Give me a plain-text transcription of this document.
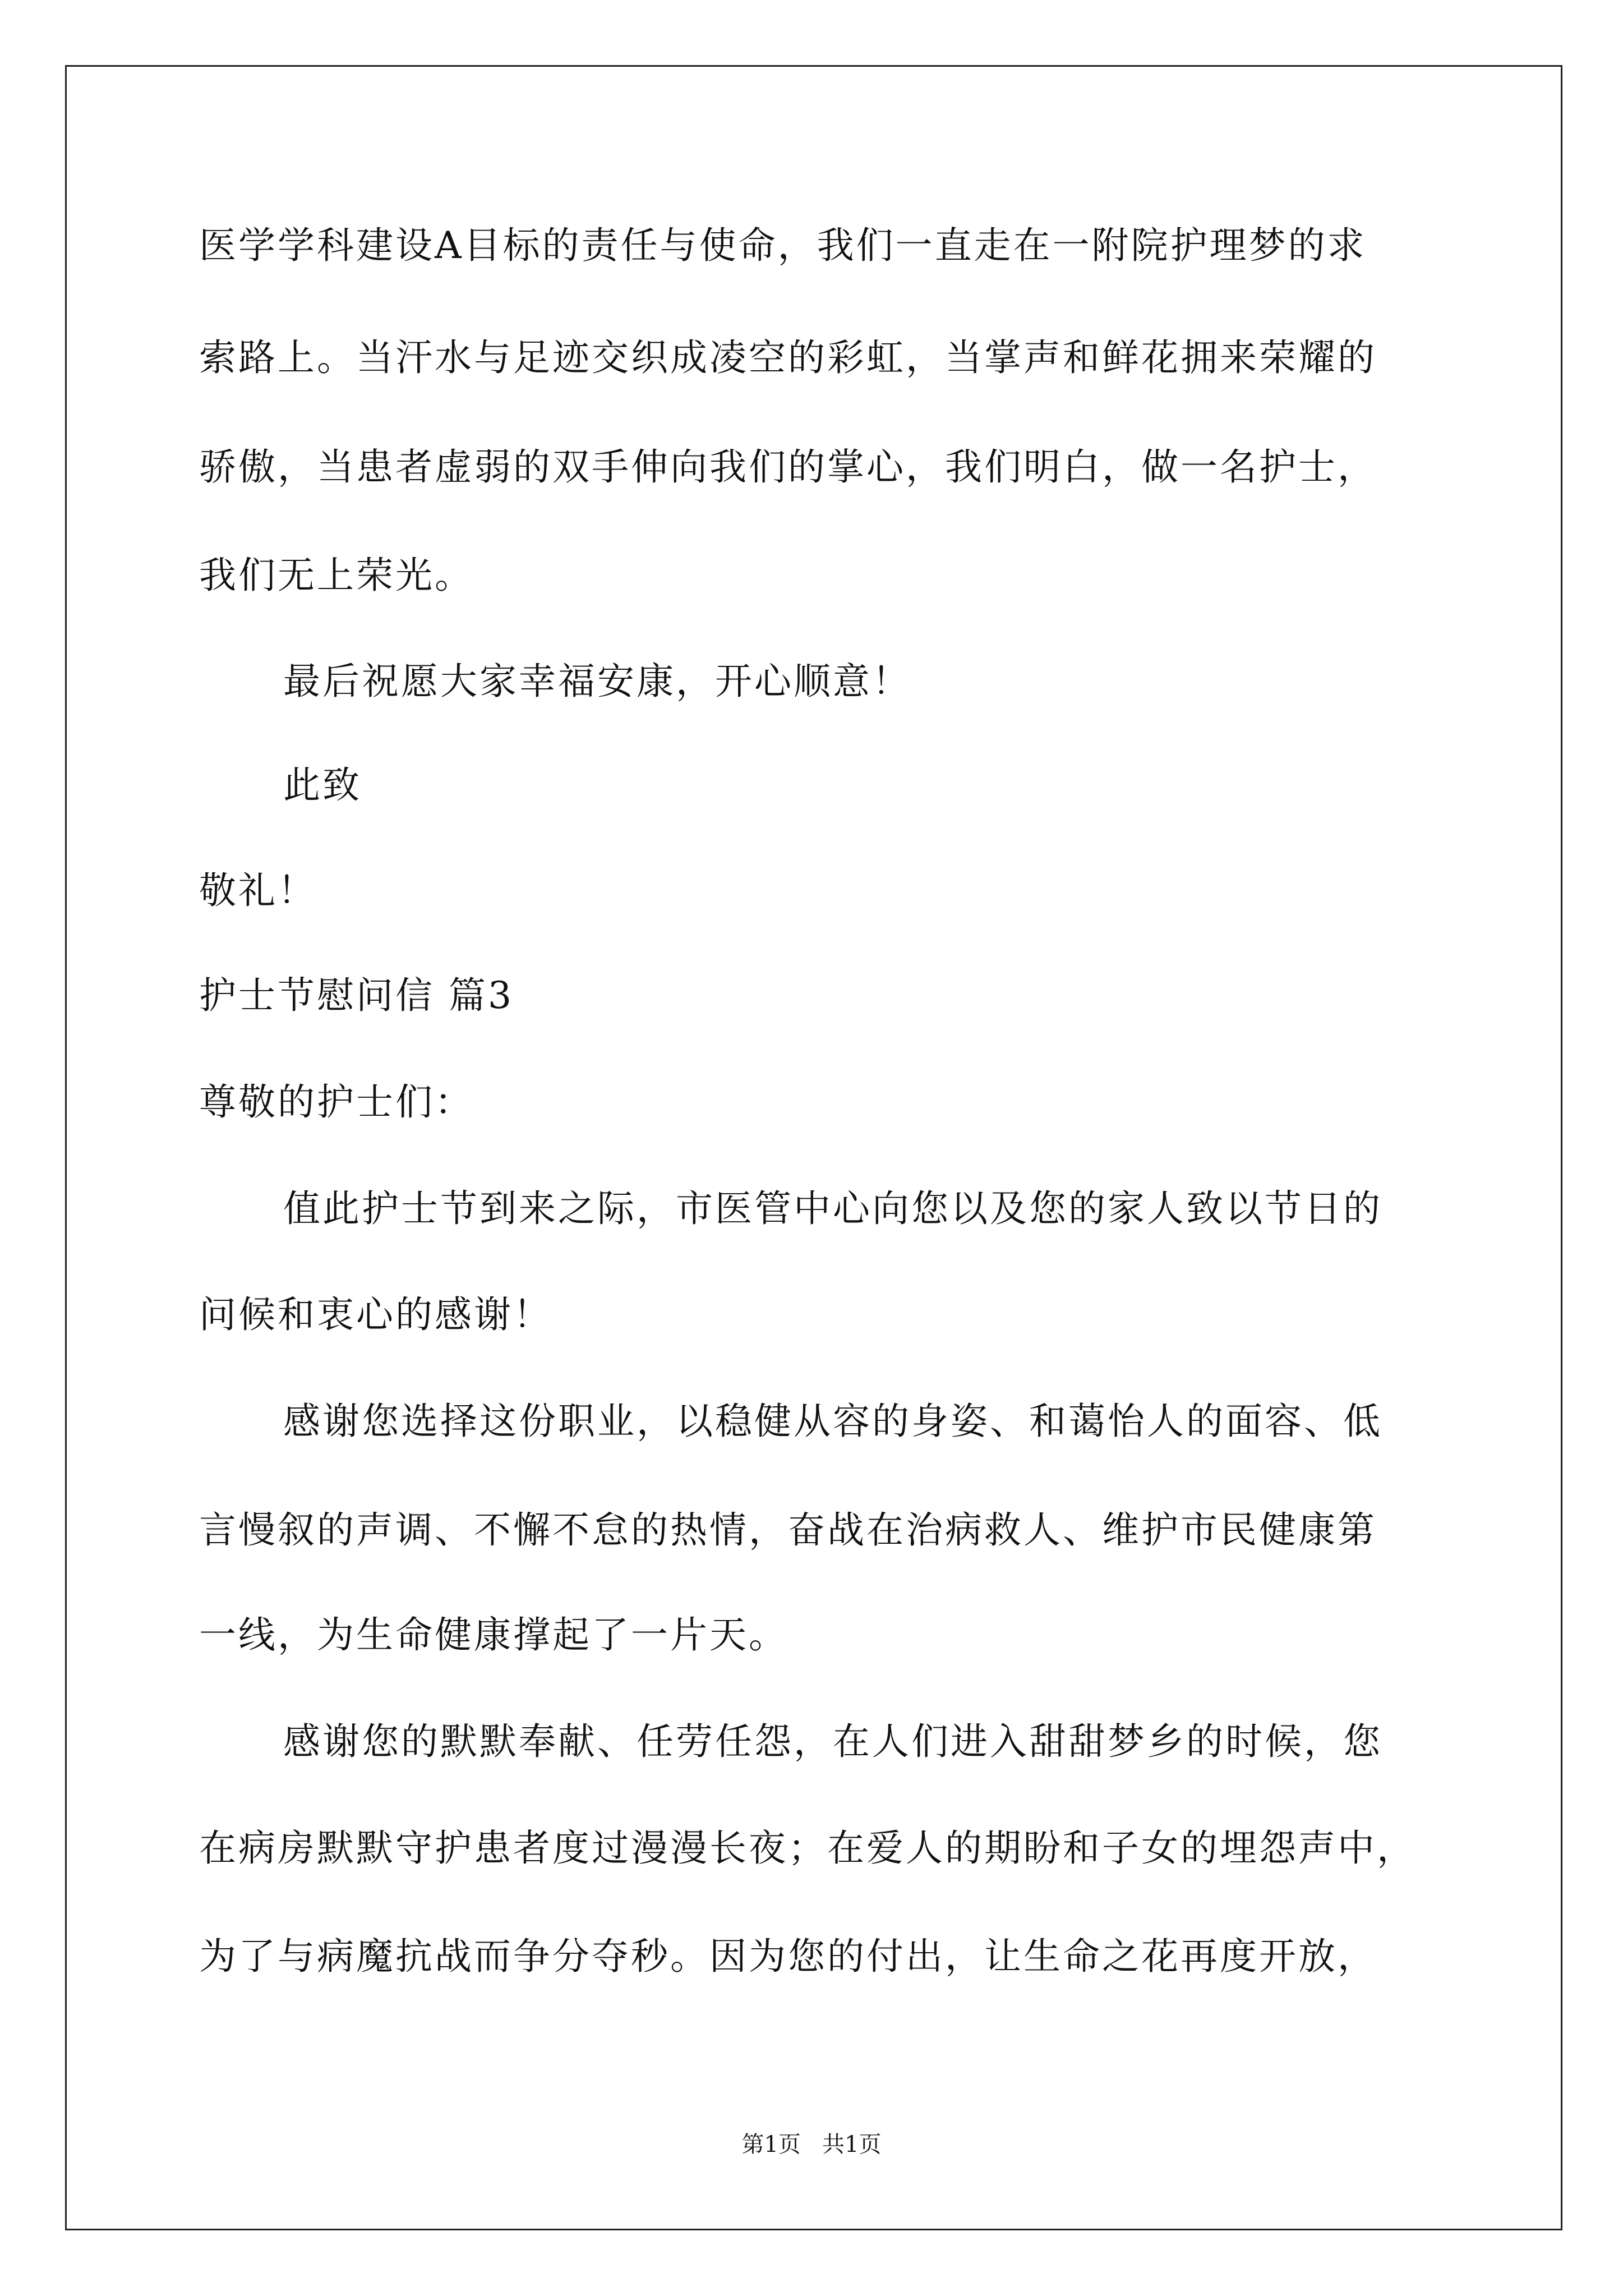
医学学科建设A目标的责任与使命，我们一直走在一附院护理梦的求

索路上。当汗水与足迹交织成凌空的彩虹，当掌声和鲜花拥来荣耀的

骄傲，当患者虚弱的双手伸向我们的掌心，我们明白，做一名护士，

我们无上荣光。

最后祝愿大家幸福安康，开心顺意！

此致

敬礼！

护士节慰问信 篇3

尊敬的护士们：

值此护士节到来之际，市医管中心向您以及您的家人致以节日的

问候和衷心的感谢！

感谢您选择这份职业，以稳健从容的身姿、和蔼怡人的面容、低

言慢叙的声调、不懈不怠的热情，奋战在治病救人、维护市民健康第

一线，为生命健康撑起了一片天。

感谢您的默默奉献、任劳任怨，在人们进入甜甜梦乡的时候，您

在病房默默守护患者度过漫漫长夜；在爱人的期盼和子女的埋怨声中，

为了与病魔抗战而争分夺秒。因为您的付出，让生命之花再度开放，

第1页   共1页
